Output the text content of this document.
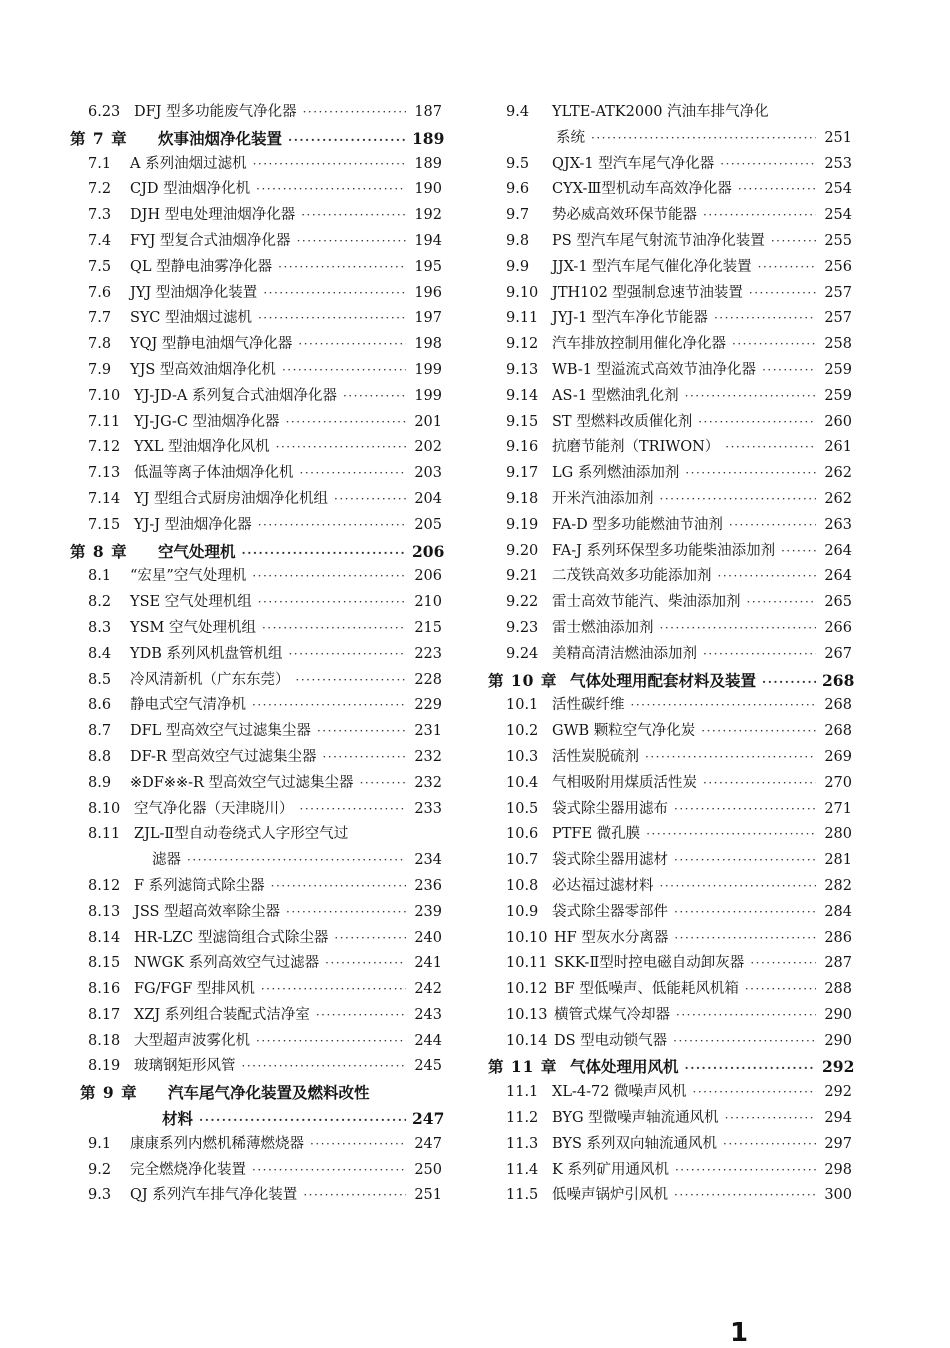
6.23 DFJ 型多功能废气净化器 ·····	187
第 7 章	炊事油烟净化装置 ·····	189
7.1	A 系列油烟过滤机 ·····	189
7.2	CJD 型油烟净化机 ·····	190
7.3	DJH 型电处理油烟净化器 ·····	192
7.4	FYJ 型复合式油烟净化器 ·····	194
7.5	QL 型静电油雾净化器 ·····	195
7.6	JYJ 型油烟净化装置 ·····	196
7.7	SYC 型油烟过滤机 ·····	197
7.8	YQJ 型静电油烟气净化器 ·····	198
7.9	YJS 型高效油烟净化机 ·····	199
7.10 YJ-JD-A 系列复合式油烟净化器 ·····	199
7.11 YJ-JG-C 型油烟净化器 ·····	201
7.12 YXL 型油烟净化风机 ·····	202
7.13 低温等离子体油烟净化机 ·····	203
7.14 YJ 型组合式厨房油烟净化机组 ·····	204
7.15 YJ-J 型油烟净化器 ·····	205
第 8 章	空气处理机 ·····	206
8.1	“宏星”空气处理机 ·····	206
8.2	YSE 空气处理机组 ·····	210
8.3	YSM 空气处理机组 ·····	215
8.4	YDB 系列风机盘管机组 ·····	223
8.5	冷风清新机（广东东莞） ·····	228
8.6	静电式空气清净机 ·····	229
8.7	DFL 型高效空气过滤集尘器 ·····	231
8.8	DF-R 型高效空气过滤集尘器 ·····	232
8.9	※DF※※-R 型高效空气过滤集尘器 ·····	232
8.10 空气净化器（天津晓川） ·····	233
8.11 ZJL-Ⅱ型自动卷绕式人字形空气过
滤器 ·····	234
8.12 F 系列滤筒式除尘器 ·····	236
8.13 JSS 型超高效率除尘器 ·····	239
8.14 HR-LZC 型滤筒组合式除尘器 ·····	240
8.15 NWGK 系列高效空气过滤器 ·····	241
8.16 FG/FGF 型排风机 ·····	242
8.17 XZJ 系列组合装配式洁净室 ·····	243
8.18 大型超声波雾化机 ·····	244
8.19 玻璃钢矩形风管 ·····	245
第 9 章	汽车尾气净化装置及燃料改性
材料 ·····	247
9.1	康康系列内燃机稀薄燃烧器 ·····	247
9.2	完全燃烧净化装置 ·····	250
9.3	QJ 系列汽车排气净化装置 ·····	251
9.4	YLTE-ATK2000 汽油车排气净化
系统 ·····	251
9.5	QJX-1 型汽车尾气净化器 ·····	253
9.6	CYX-Ⅲ型机动车高效净化器 ·····	254
9.7	势必威高效环保节能器 ·····	254
9.8	PS 型汽车尾气射流节油净化装置 ·····	255
9.9	JJX-1 型汽车尾气催化净化装置 ·····	256
9.10 JTH102 型强制怠速节油装置 ·····	257
9.11 JYJ-1 型汽车净化节能器 ·····	257
9.12 汽车排放控制用催化净化器 ·····	258
9.13 WB-1 型溢流式高效节油净化器 ·····	259
9.14 AS-1 型燃油乳化剂 ·····	259
9.15 ST 型燃料改质催化剂 ·····	260
9.16 抗磨节能剂（TRIWON） ·····	261
9.17 LG 系列燃油添加剂 ·····	262
9.18 开米汽油添加剂 ·····	262
9.19 FA-D 型多功能燃油节油剂 ·····	263
9.20 FA-J 系列环保型多功能柴油添加剂 ·····	264
9.21 二茂铁高效多功能添加剂 ·····	264
9.22 雷士高效节能汽、柴油添加剂 ·····	265
9.23 雷士燃油添加剂 ·····	266
9.24 美精高清洁燃油添加剂 ·····	267
第 10 章 气体处理用配套材料及装置 ·····	268
10.1 活性碳纤维 ·····	268
10.2 GWB 颗粒空气净化炭 ·····	268
10.3 活性炭脱硫剂 ·····	269
10.4 气相吸附用煤质活性炭 ·····	270
10.5 袋式除尘器用滤布 ·····	271
10.6 PTFE 微孔膜 ·····	280
10.7 袋式除尘器用滤材 ·····	281
10.8 必达福过滤材料 ·····	282
10.9 袋式除尘器零部件 ·····	284
10.10 HF 型灰水分离器 ·····	286
10.11 SKK-Ⅱ型时控电磁自动卸灰器 ·····	287
10.12 BF 型低噪声、低能耗风机箱 ·····	288
10.13 横管式煤气冷却器 ·····	290
10.14 DS 型电动锁气器 ·····	290
第 11 章 气体处理用风机 ·····	292
11.1 XL-4-72 微噪声风机 ·····	292
11.2 BYG 型微噪声轴流通风机 ·····	294
11.3 BYS 系列双向轴流通风机 ·····	297
11.4 K 系列矿用通风机 ·····	298
11.5 低噪声锅炉引风机 ·····	300
1
